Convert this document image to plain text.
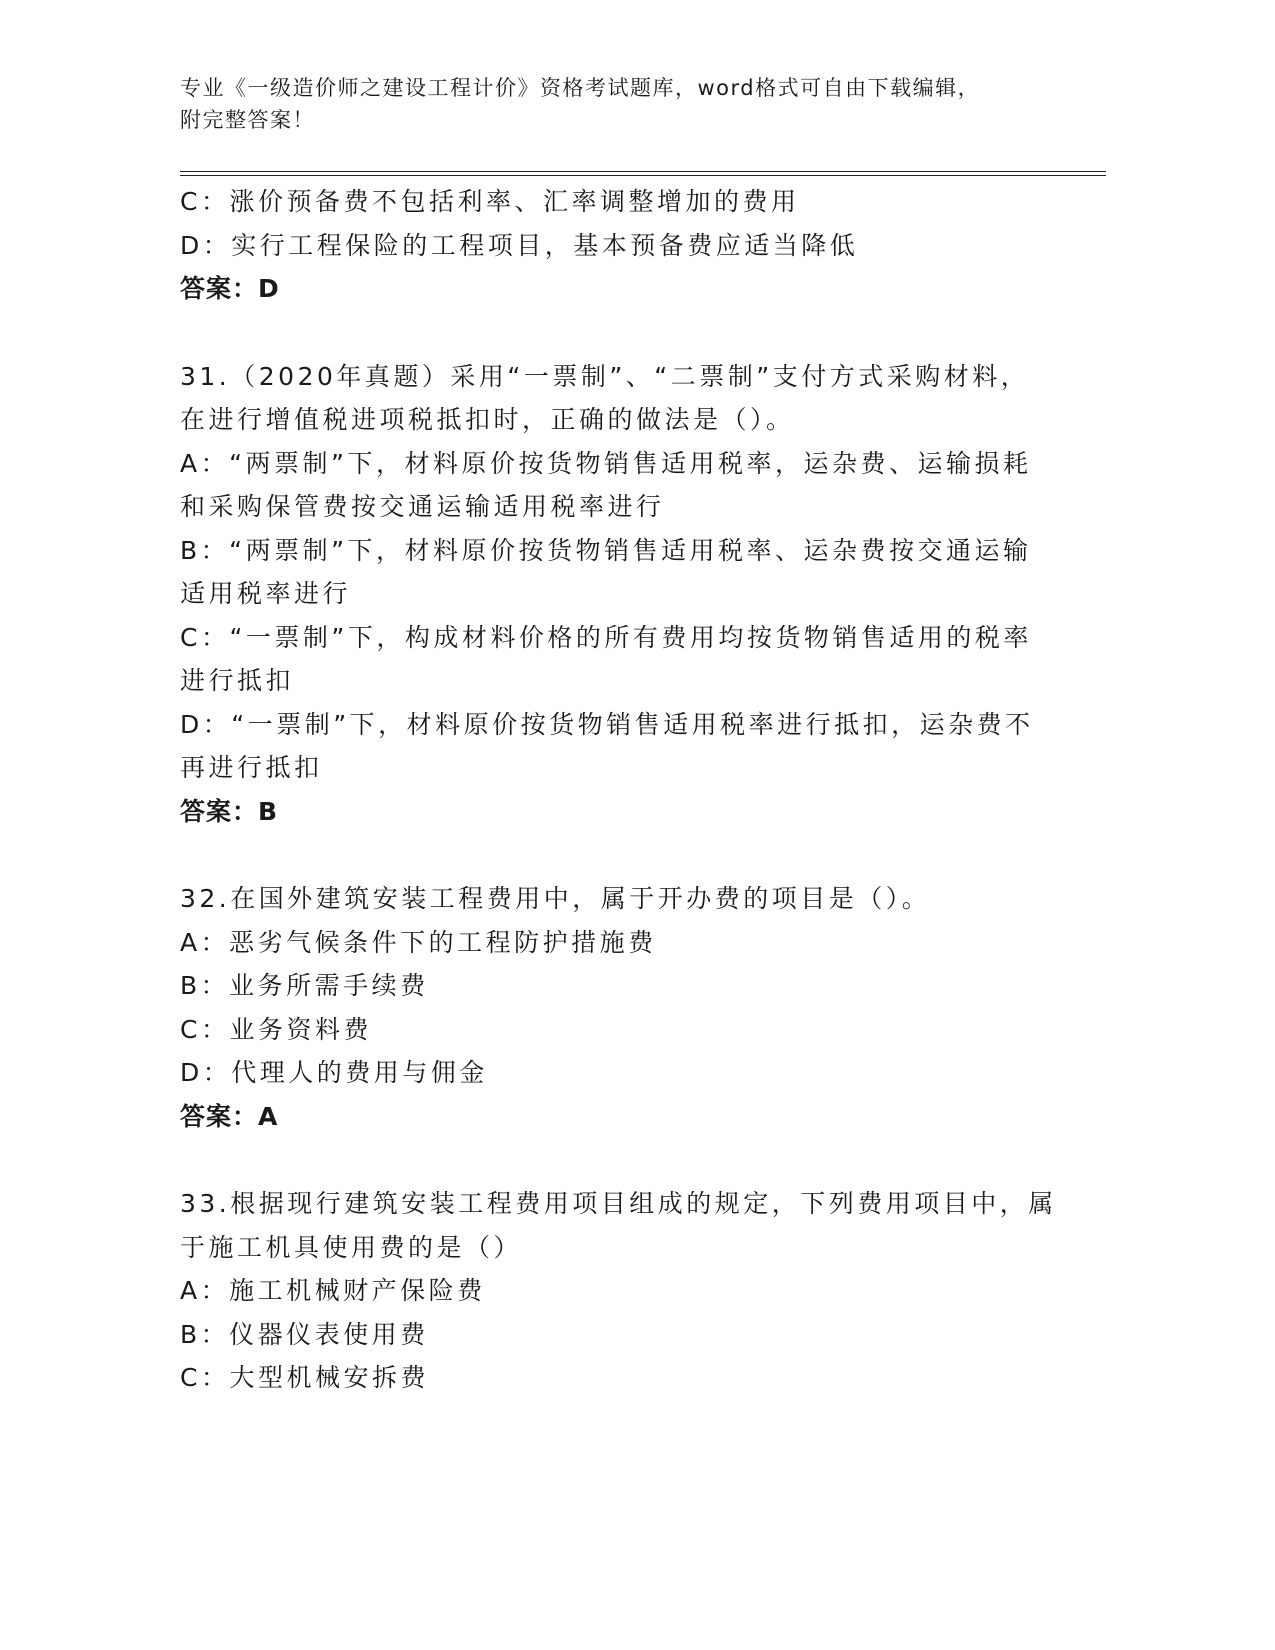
专业《一级造价师之建设工程计价》资格考试题库，word格式可自由下载编辑，
附完整答案！
C：涨价预备费不包括利率、汇率调整增加的费用
D：实行工程保险的工程项目，基本预备费应适当降低
答案：D
31.（2020年真题）采用“一票制”、“二票制”支付方式采购材料，
在进行增值税进项税抵扣时，正确的做法是（）。
A：“两票制”下，材料原价按货物销售适用税率，运杂费、运输损耗
和采购保管费按交通运输适用税率进行
B：“两票制”下，材料原价按货物销售适用税率、运杂费按交通运输
适用税率进行
C：“一票制”下，构成材料价格的所有费用均按货物销售适用的税率
进行抵扣
D：“一票制”下，材料原价按货物销售适用税率进行抵扣，运杂费不
再进行抵扣
答案：B
32.在国外建筑安装工程费用中，属于开办费的项目是（）。
A：恶劣气候条件下的工程防护措施费
B：业务所需手续费
C：业务资料费
D：代理人的费用与佣金
答案：A
33.根据现行建筑安装工程费用项目组成的规定，下列费用项目中，属
于施工机具使用费的是（）
A：施工机械财产保险费
B：仪器仪表使用费
C：大型机械安拆费
